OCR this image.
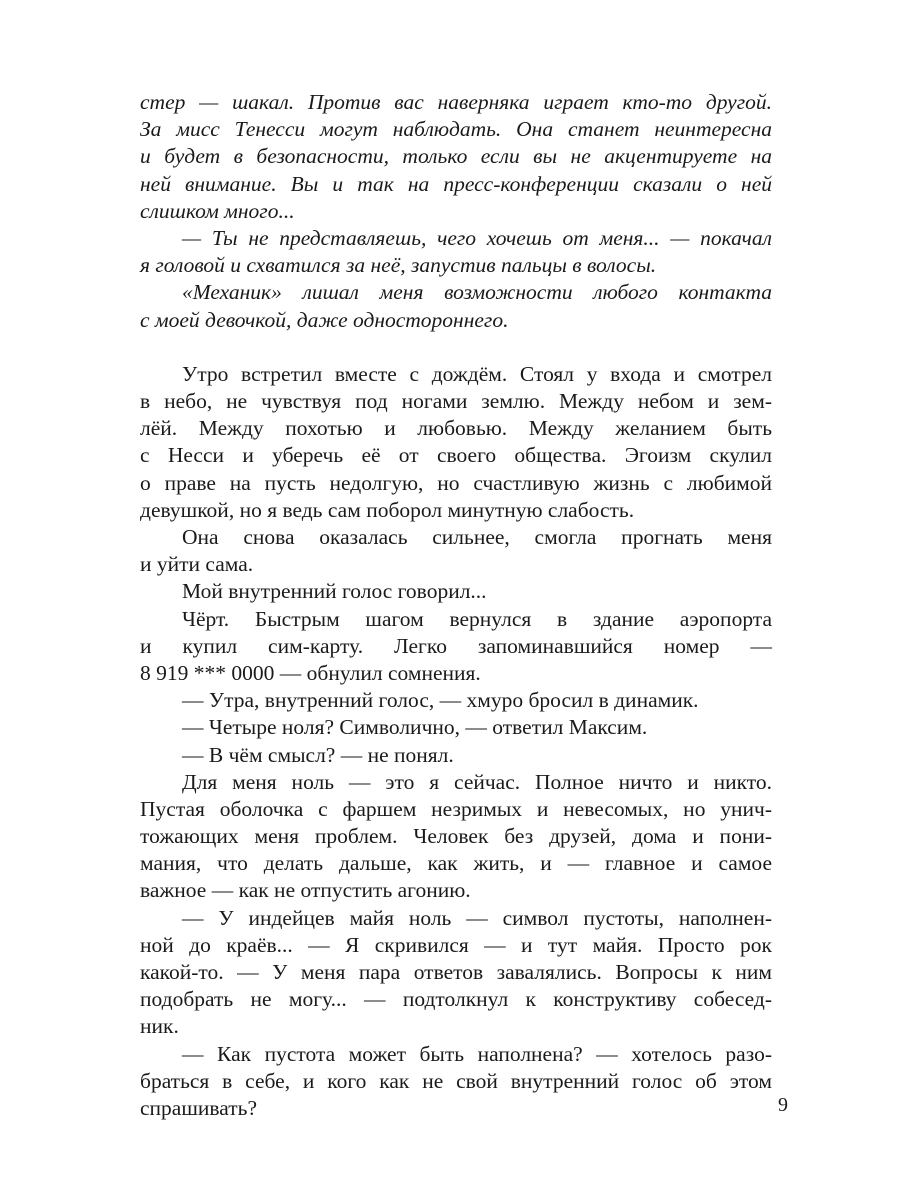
стер — шакал. Против вас наверняка играет кто-то другой.
За мисс Тенесси могут наблюдать. Она станет неинтересна
и будет в безопасности, только если вы не акцентируете на
ней внимание. Вы и так на пресс-конференции сказали о ней
слишком много...
— Ты не представляешь, чего хочешь от меня... — покачал
я головой и схватился за неё, запустив пальцы в волосы.
«Механик» лишал меня возможности любого контакта
с моей девочкой, даже одностороннего.
Утро встретил вместе с дождём. Стоял у входа и смотрел
в небо, не чувствуя под ногами землю. Между небом и зем-
лёй. Между похотью и любовью. Между желанием быть
с Несси и уберечь её от своего общества. Эгоизм скулил
о праве на пусть недолгую, но счастливую жизнь с любимой
девушкой, но я ведь сам поборол минутную слабость.
Она снова оказалась сильнее, смогла прогнать меня
и уйти сама.
Мой внутренний голос говорил...
Чёрт. Быстрым шагом вернулся в здание аэропорта
и купил сим-карту. Легко запоминавшийся номер —
8 919 *** 0000 — обнулил сомнения.
— Утра, внутренний голос, — хмуро бросил в динамик.
— Четыре ноля? Символично, — ответил Максим.
— В чём смысл? — не понял.
Для меня ноль — это я сейчас. Полное ничто и никто.
Пустая оболочка с фаршем незримых и невесомых, но унич-
тожающих меня проблем. Человек без друзей, дома и пони-
мания, что делать дальше, как жить, и — главное и самое
важное — как не отпустить агонию.
— У индейцев майя ноль — символ пустоты, наполнен-
ной до краёв... — Я скривился — и тут майя. Просто рок
какой-то. — У меня пара ответов завалялись. Вопросы к ним
подобрать не могу... — подтолкнул к конструктиву собесед-
ник.
— Как пустота может быть наполнена? — хотелось разо-
браться в себе, и кого как не свой внутренний голос об этом
спрашивать?	9
